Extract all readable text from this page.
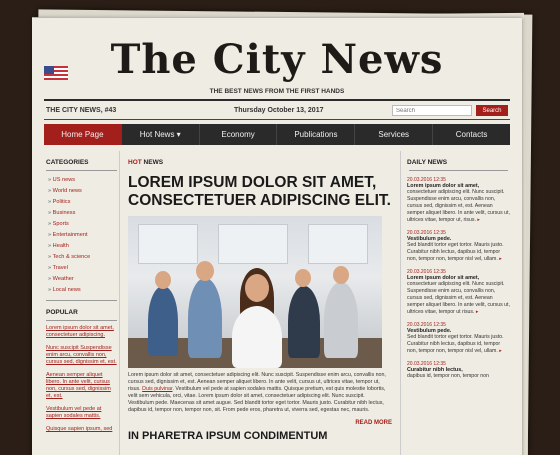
The City News
THE BEST NEWS FROM THE FIRST HANDS
THE CITY NEWS, #43	Thursday October 13, 2017
Search	Search
Home Page	Hot News ▾	Economy	Publications	Services	Contacts
CATEGORIES
» US news
» World news
» Politics
» Business
» Sports
» Entertainment
» Health
» Tech & science
» Travel
» Weather
» Local news
POPULAR
Lorem ipsum dolor sit amet, consectetuer adipiscing.
Nunc suscipit Suspendisse enim arcu, convallis non, cursus sed, dignissim et, est.
Aenean semper aliquet libero. In ante velit, cursus non, cursus sed, dignissim et, est.
Vestibulum vel pede at sapien sodales mattis.
Quisque sapien ipsum, sed
HOT NEWS
LOREM IPSUM DOLOR SIT AMET, CONSECTETUER ADIPISCING ELIT.
Lorem ipsum dolor sit amet, consectetuer adipiscing elit. Nunc suscipit. Suspendisse enim arcu, convallis non, cursus sed, dignissim et, est. Aenean semper aliquet libero. In ante velit, cursus ut, ultrices vitae, tempor ut, risus. Duis pulvinar. Vestibulum vel pede at sapien sodales mattis. Quisque pretium, est quis molestie lobortis, velit sem vehicula, orci, vitae. Lorem ipsum dolor sit amet, consectetuer adipiscing elit. Nunc suscipit. Vestibulum pede. Maecenas sit amet augue. Sed blandit tortor eget tortor. Mauris justo. Curabitur nibh lectus, dapibus id, tempor non, tempor non, sit. From pede eros, pharetra ut, viverra sed, egestas nec, mauris.
READ MORE
IN PHARETRA IPSUM CONDIMENTUM
DAILY NEWS
20.03.2016 12:35
Lorem ipsum dolor sit amet,
consectetuer adipiscing elit. Nunc suscipit. Suspendisse enim arcu, convallis non, cursus sed, dignissim et, est. Aenean semper aliquet libero. In ante velit, cursus ut, ultrices vitae, tempor ut, risus. ▸
20.03.2016 12:35
Vestibulum pede.
Sed blandit tortor eget tortor. Mauris justo. Curabitur nibh lectus, dapibus id, tempor non, tempor non, tempor nisl vel, ullam. ▸
20.03.2016 12:35
Lorem ipsum dolor sit amet,
consectetuer adipiscing elit. Nunc suscipit. Suspendisse enim arcu, convallis non, cursus sed, dignissim et, est. Aenean semper aliquet libero. In ante velit, cursus ut, ultrices vitae, tempor ut risus. ▸
20.03.2016 12:35
Vestibulum pede.
Sed blandit tortor eget tortor. Mauris justo. Curabitur nibh lectus, dapibus id, tempor non, tempor non, tempor nisl vel, ullam. ▸
20.03.2016 12:35
Curabitur nibh lectus,
dapibus id, tempor non, tempor non
